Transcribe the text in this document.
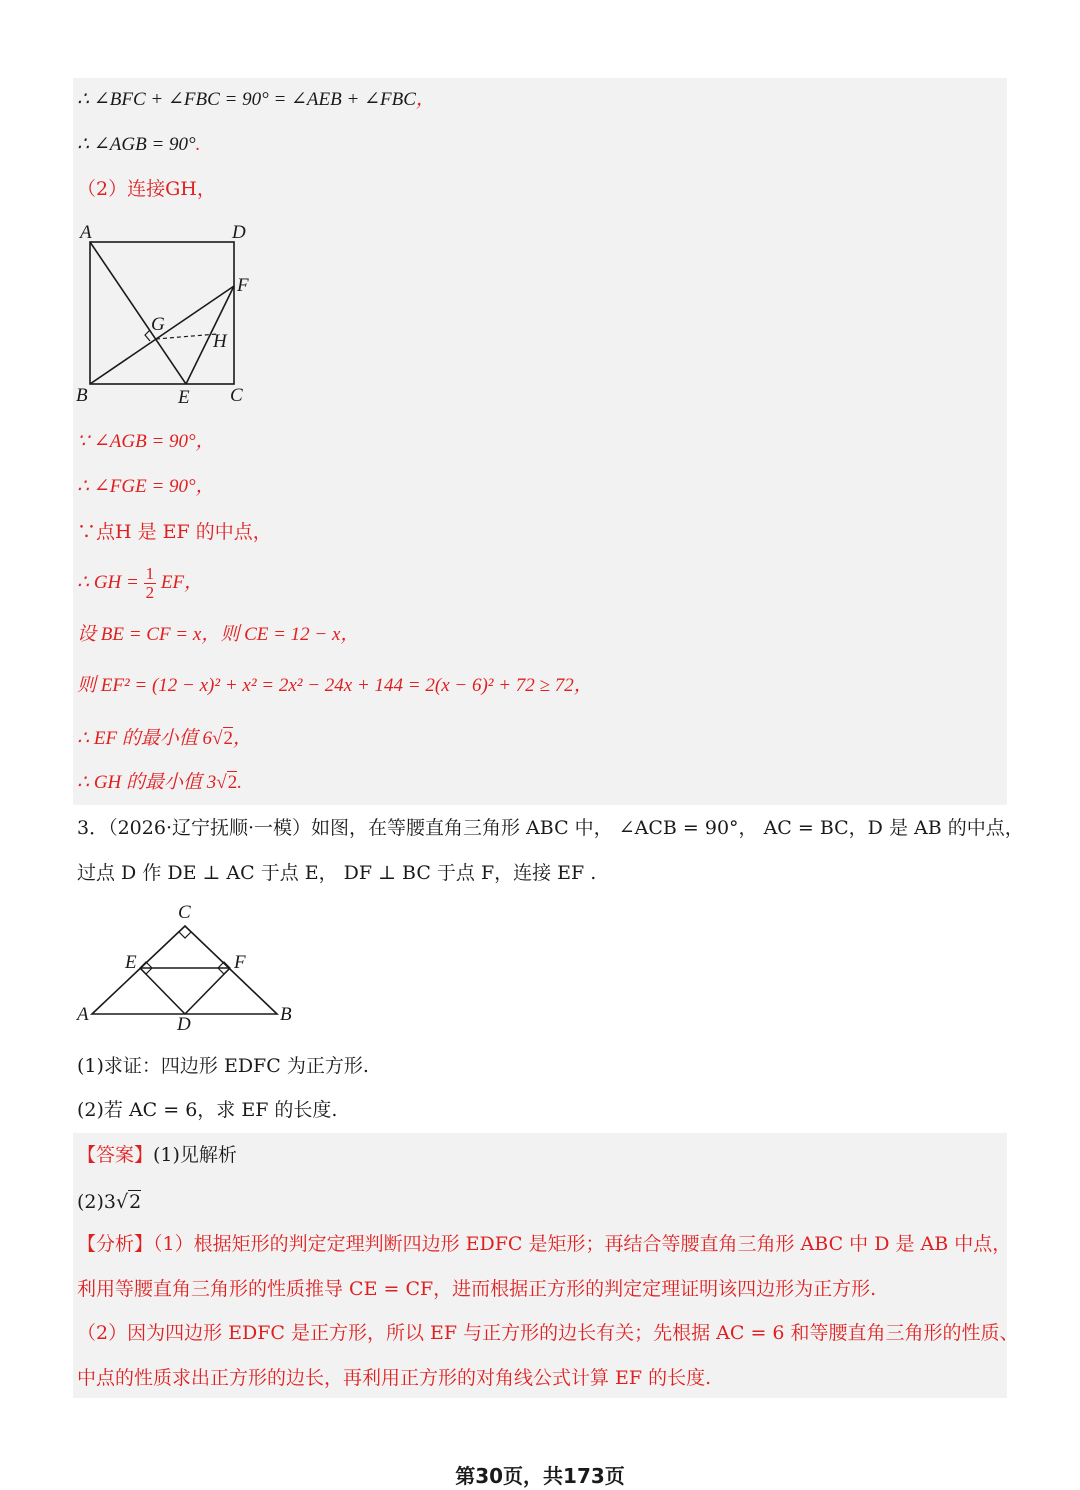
∴ ∠BFC + ∠FBC = 90° = ∠AEB + ∠FBC，
∴ ∠AGB = 90°.
（2）连接GH，
A	D
F
G
H
B	E C
∵ ∠AGB = 90°，
∴ ∠FGE = 90°，
∵点H 是 EF 的中点，
∴ GH = $\frac{1}{2}$ EF，
设 BE = CF = x，则 CE = 12 − x，
则 EF² = (12 − x)² + x² = 2x² − 24x + 144 = 2(x − 6)² + 72 ≥ 72，
∴ EF 的最小值 6√2，
∴ GH 的最小值 3√2.
3．（2026·辽宁抚顺·一模）如图，在等腰直角三角形 ABC 中， ∠ACB = 90°， AC = BC，D 是 AB 的中点，
过点 D 作 DE ⊥ AC 于点 E， DF ⊥ BC 于点 F，连接 EF .
C
E	F
A	D	B
(1)求证：四边形 EDFC 为正方形.
(2)若 AC = 6，求 EF 的长度.
【答案】(1)见解析
(2)3√2
【分析】（1）根据矩形的判定定理判断四边形 EDFC 是矩形；再结合等腰直角三角形 ABC 中 D 是 AB 中点，
利用等腰直角三角形的性质推导 CE = CF，进而根据正方形的判定定理证明该四边形为正方形.
（2）因为四边形 EDFC 是正方形，所以 EF 与正方形的边长有关；先根据 AC = 6 和等腰直角三角形的性质、
中点的性质求出正方形的边长，再利用正方形的对角线公式计算 EF 的长度.
第30页，共173页
